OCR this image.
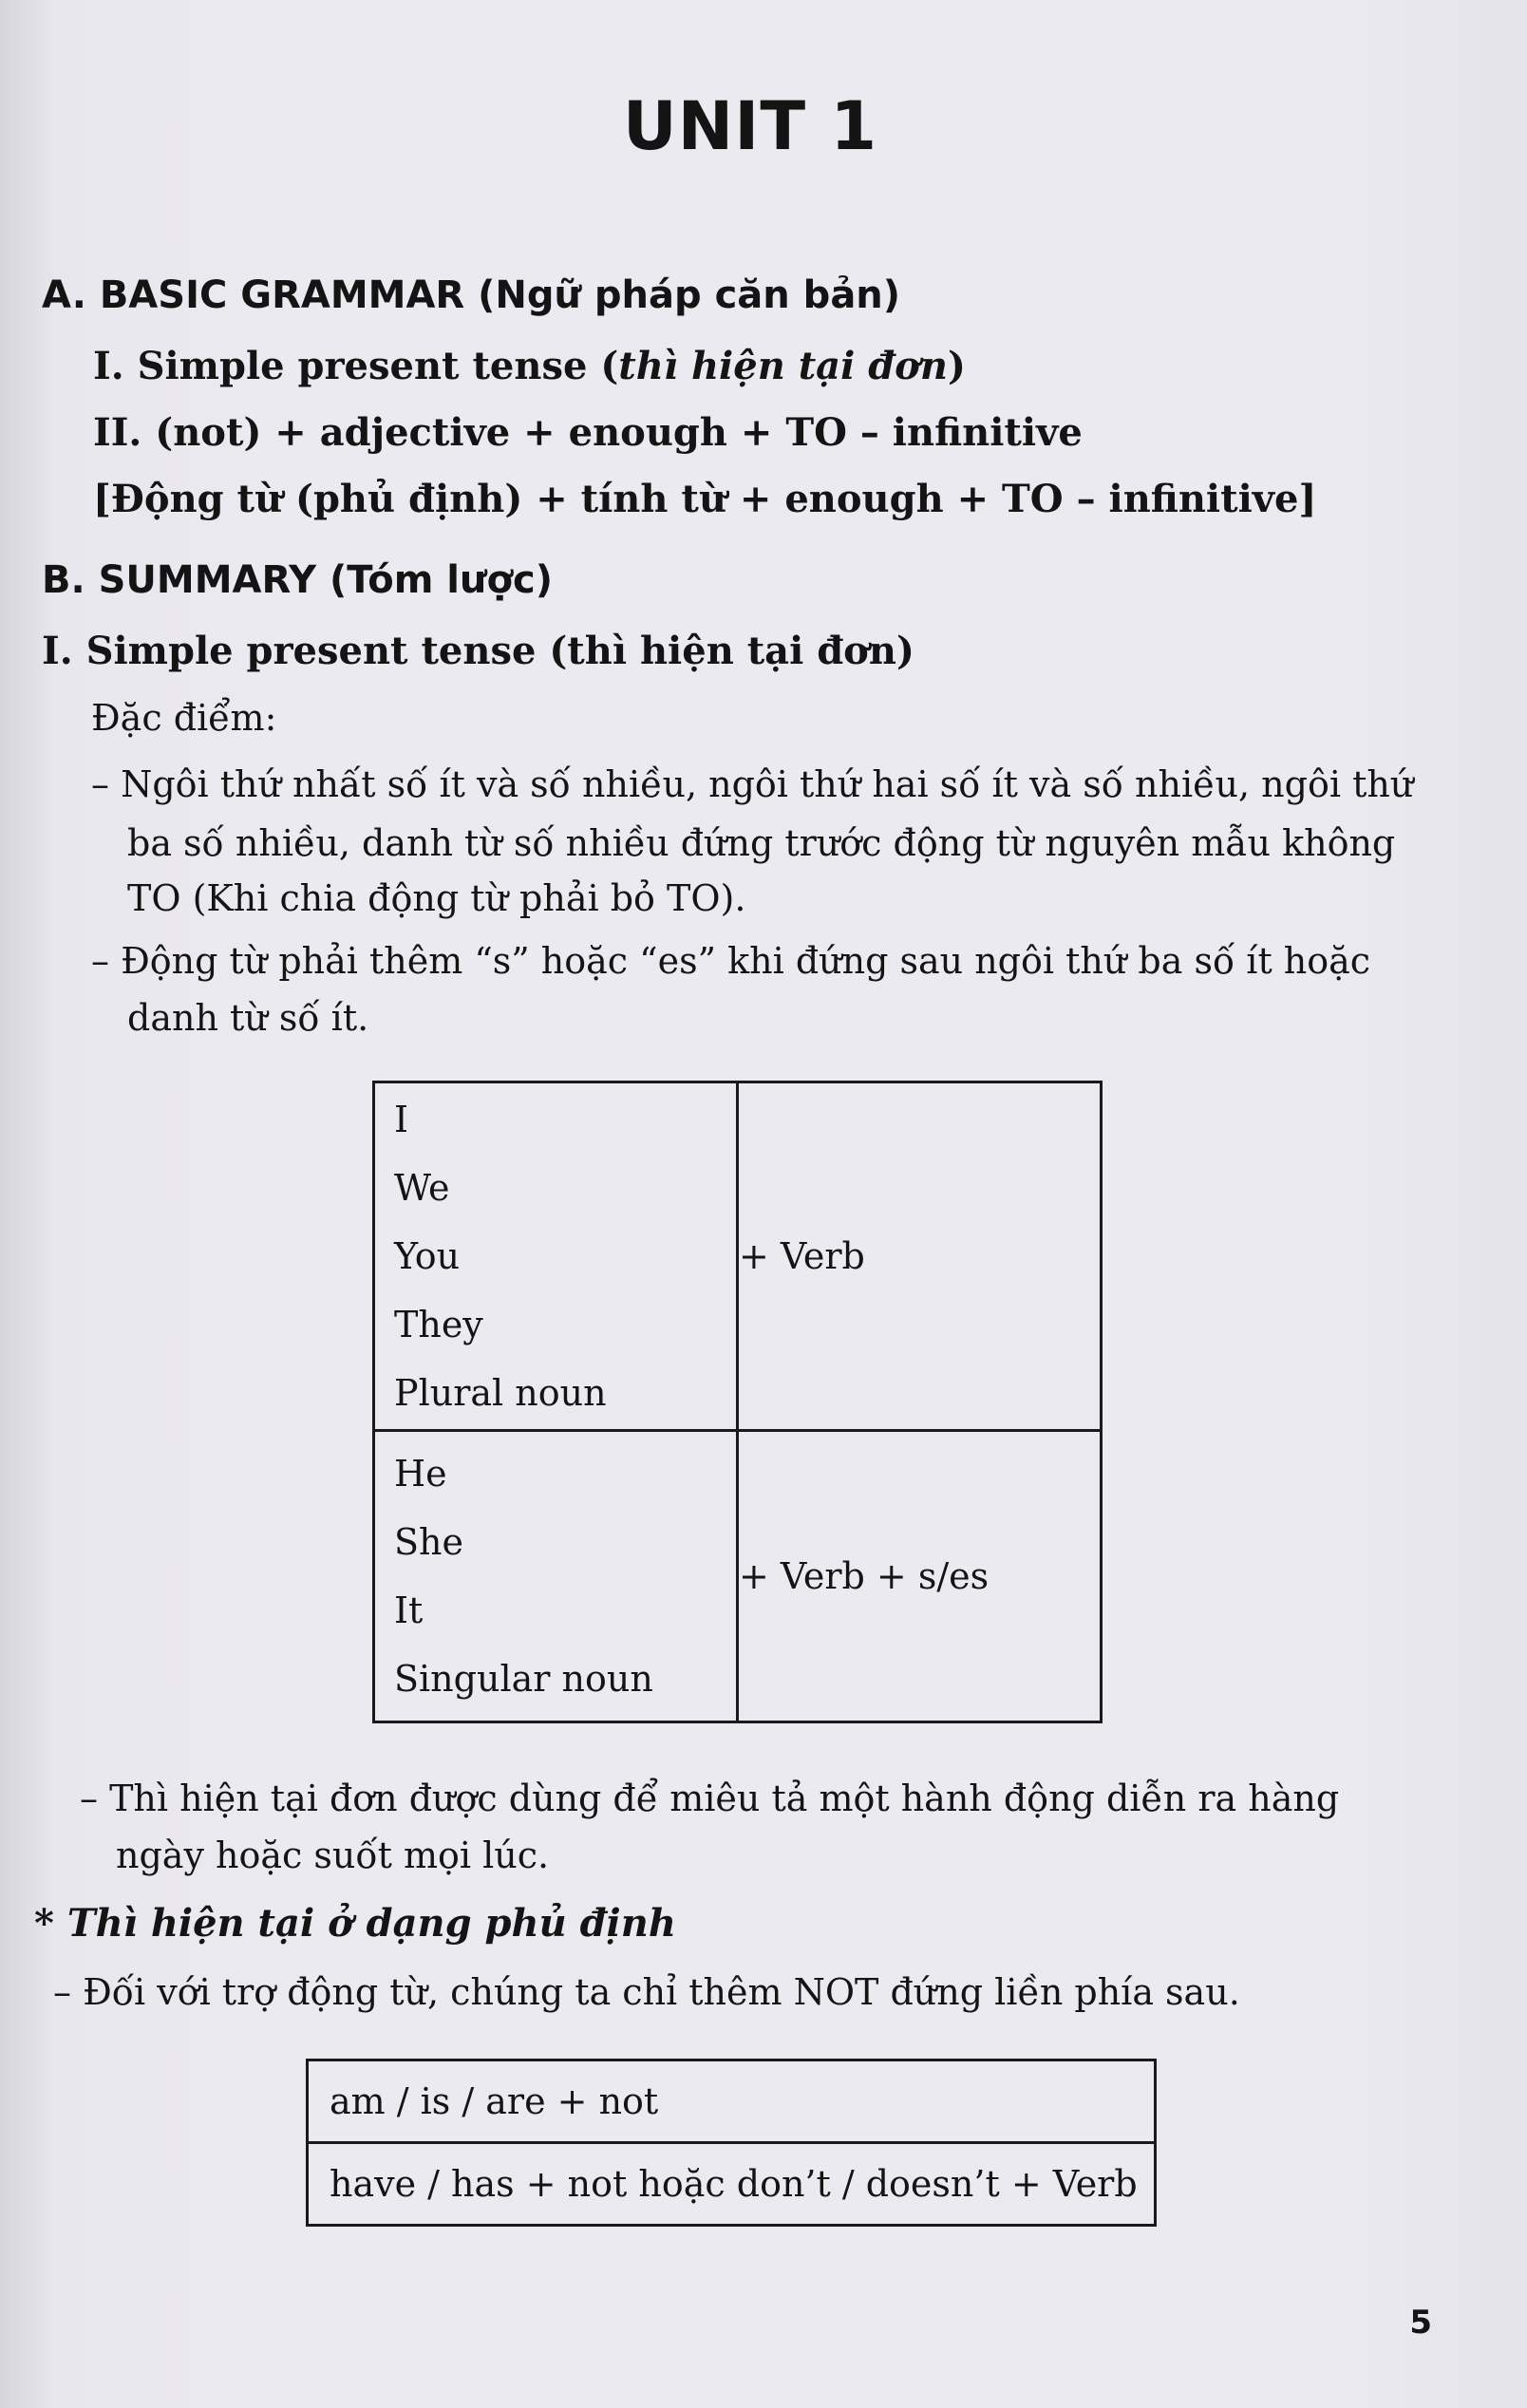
UNIT 1
A. BASIC GRAMMAR (Ngữ pháp căn bản)
I. Simple present tense (thì hiện tại đơn)
II. (not) + adjective + enough + TO – infinitive
[Động từ (phủ định) + tính từ + enough + TO – infinitive]
B. SUMMARY (Tóm lược)
I. Simple present tense (thì hiện tại đơn)
Đặc điểm:
– Ngôi thứ nhất số ít và số nhiều, ngôi thứ hai số ít và số nhiều, ngôi thứ
ba số nhiều, danh từ số nhiều đứng trước động từ nguyên mẫu không
TO (Khi chia động từ phải bỏ TO).
– Động từ phải thêm “s” hoặc “es” khi đứng sau ngôi thứ ba số ít hoặc
danh từ số ít.
I
We
You
They
Plural noun	+ Verb

He
She
It
Singular noun	+ Verb + s/es
– Thì hiện tại đơn được dùng để miêu tả một hành động diễn ra hàng
ngày hoặc suốt mọi lúc.
* Thì hiện tại ở dạng phủ định
– Đối với trợ động từ, chúng ta chỉ thêm NOT đứng liền phía sau.
am / is / are + not
have / has + not hoặc don’t / doesn’t + Verb
5
